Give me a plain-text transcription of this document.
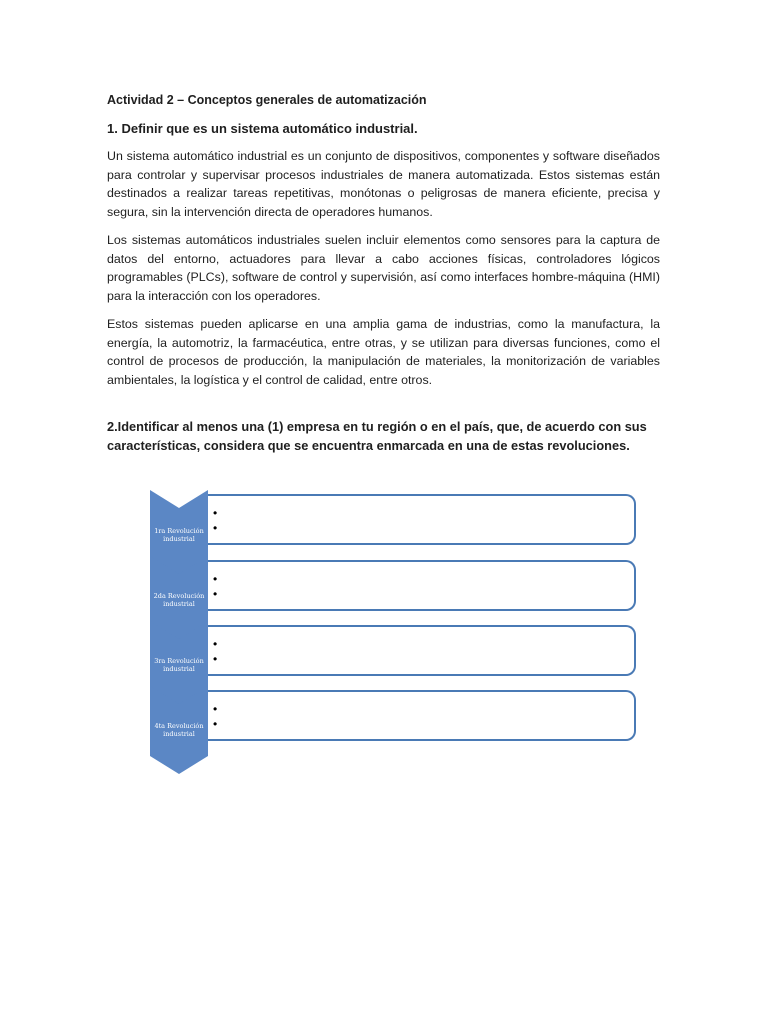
Actividad 2 – Conceptos generales de automatización

1. Definir que es un sistema automático industrial.

Un sistema automático industrial es un conjunto de dispositivos, componentes y software diseñados para controlar y supervisar procesos industriales de manera automatizada. Estos sistemas están destinados a realizar tareas repetitivas, monótonas o peligrosas de manera eficiente, precisa y segura, sin la intervención directa de operadores humanos.

Los sistemas automáticos industriales suelen incluir elementos como sensores para la captura de datos del entorno, actuadores para llevar a cabo acciones físicas, controladores lógicos programables (PLCs), software de control y supervisión, así como interfaces hombre-máquina (HMI) para la interacción con los operadores.

Estos sistemas pueden aplicarse en una amplia gama de industrias, como la manufactura, la energía, la automotriz, la farmacéutica, entre otras, y se utilizan para diversas funciones, como el control de procesos de producción, la manipulación de materiales, la monitorización de variables ambientales, la logística y el control de calidad, entre otros.

2.Identificar al menos una (1) empresa en tu región o en el país, que, de acuerdo con sus características, considera que se encuentra enmarcada en una de estas revoluciones.

•
•
•
•
•
•
•
•
1ra Revolución
industrial
2da Revolución
industrial
3ra Revolución
industrial
4ta Revolución
industrial
